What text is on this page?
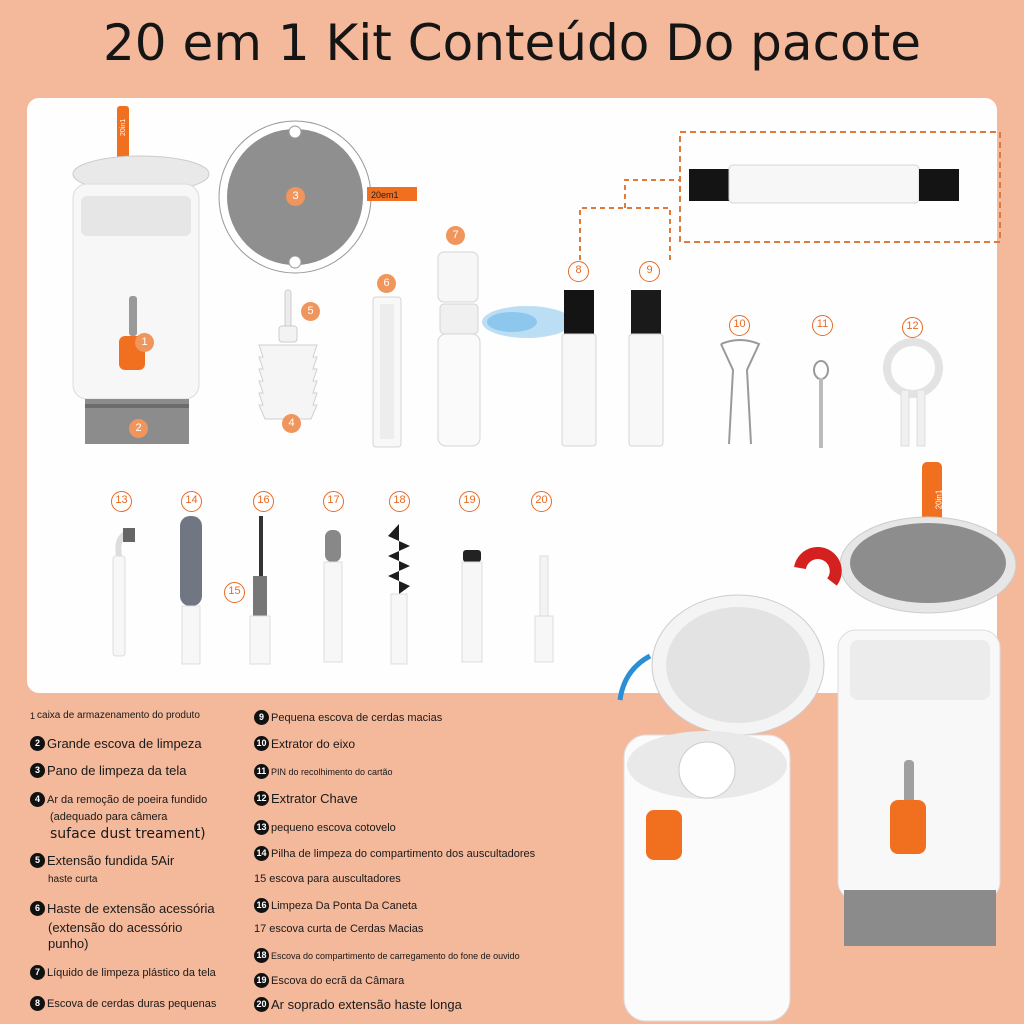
20 em 1 Kit Conteúdo Do pacote
20in1
1
2
20em1
3
5
4
6
7
8	9
10	11	12
13	14
15
16	17	18	19	20	20in1
1 caixa de armazenamento do produto
2 Grande escova de limpeza
3 Pano de limpeza da tela
4 Ar da remoção de poeira fundido
(adequado para câmera
suface dust treament)
5 Extensão fundida 5Air
haste curta
6 Haste de extensão acessória
(extensão do acessório
punho)
7 Líquido de limpeza plástico da tela
8 Escova de cerdas duras pequenas
9 Pequena escova de cerdas macias
10 Extrator do eixo
11 PIN do recolhimento do cartão
12 Extrator Chave
13 pequeno escova cotovelo
14 Pilha de limpeza do compartimento dos auscultadores
15 escova para auscultadores
16 Limpeza Da Ponta Da Caneta
17 escova curta de Cerdas Macias
18 Escova do compartimento de carregamento do fone de ouvido
19 Escova do ecrã da Câmara
20 Ar soprado extensão haste longa
